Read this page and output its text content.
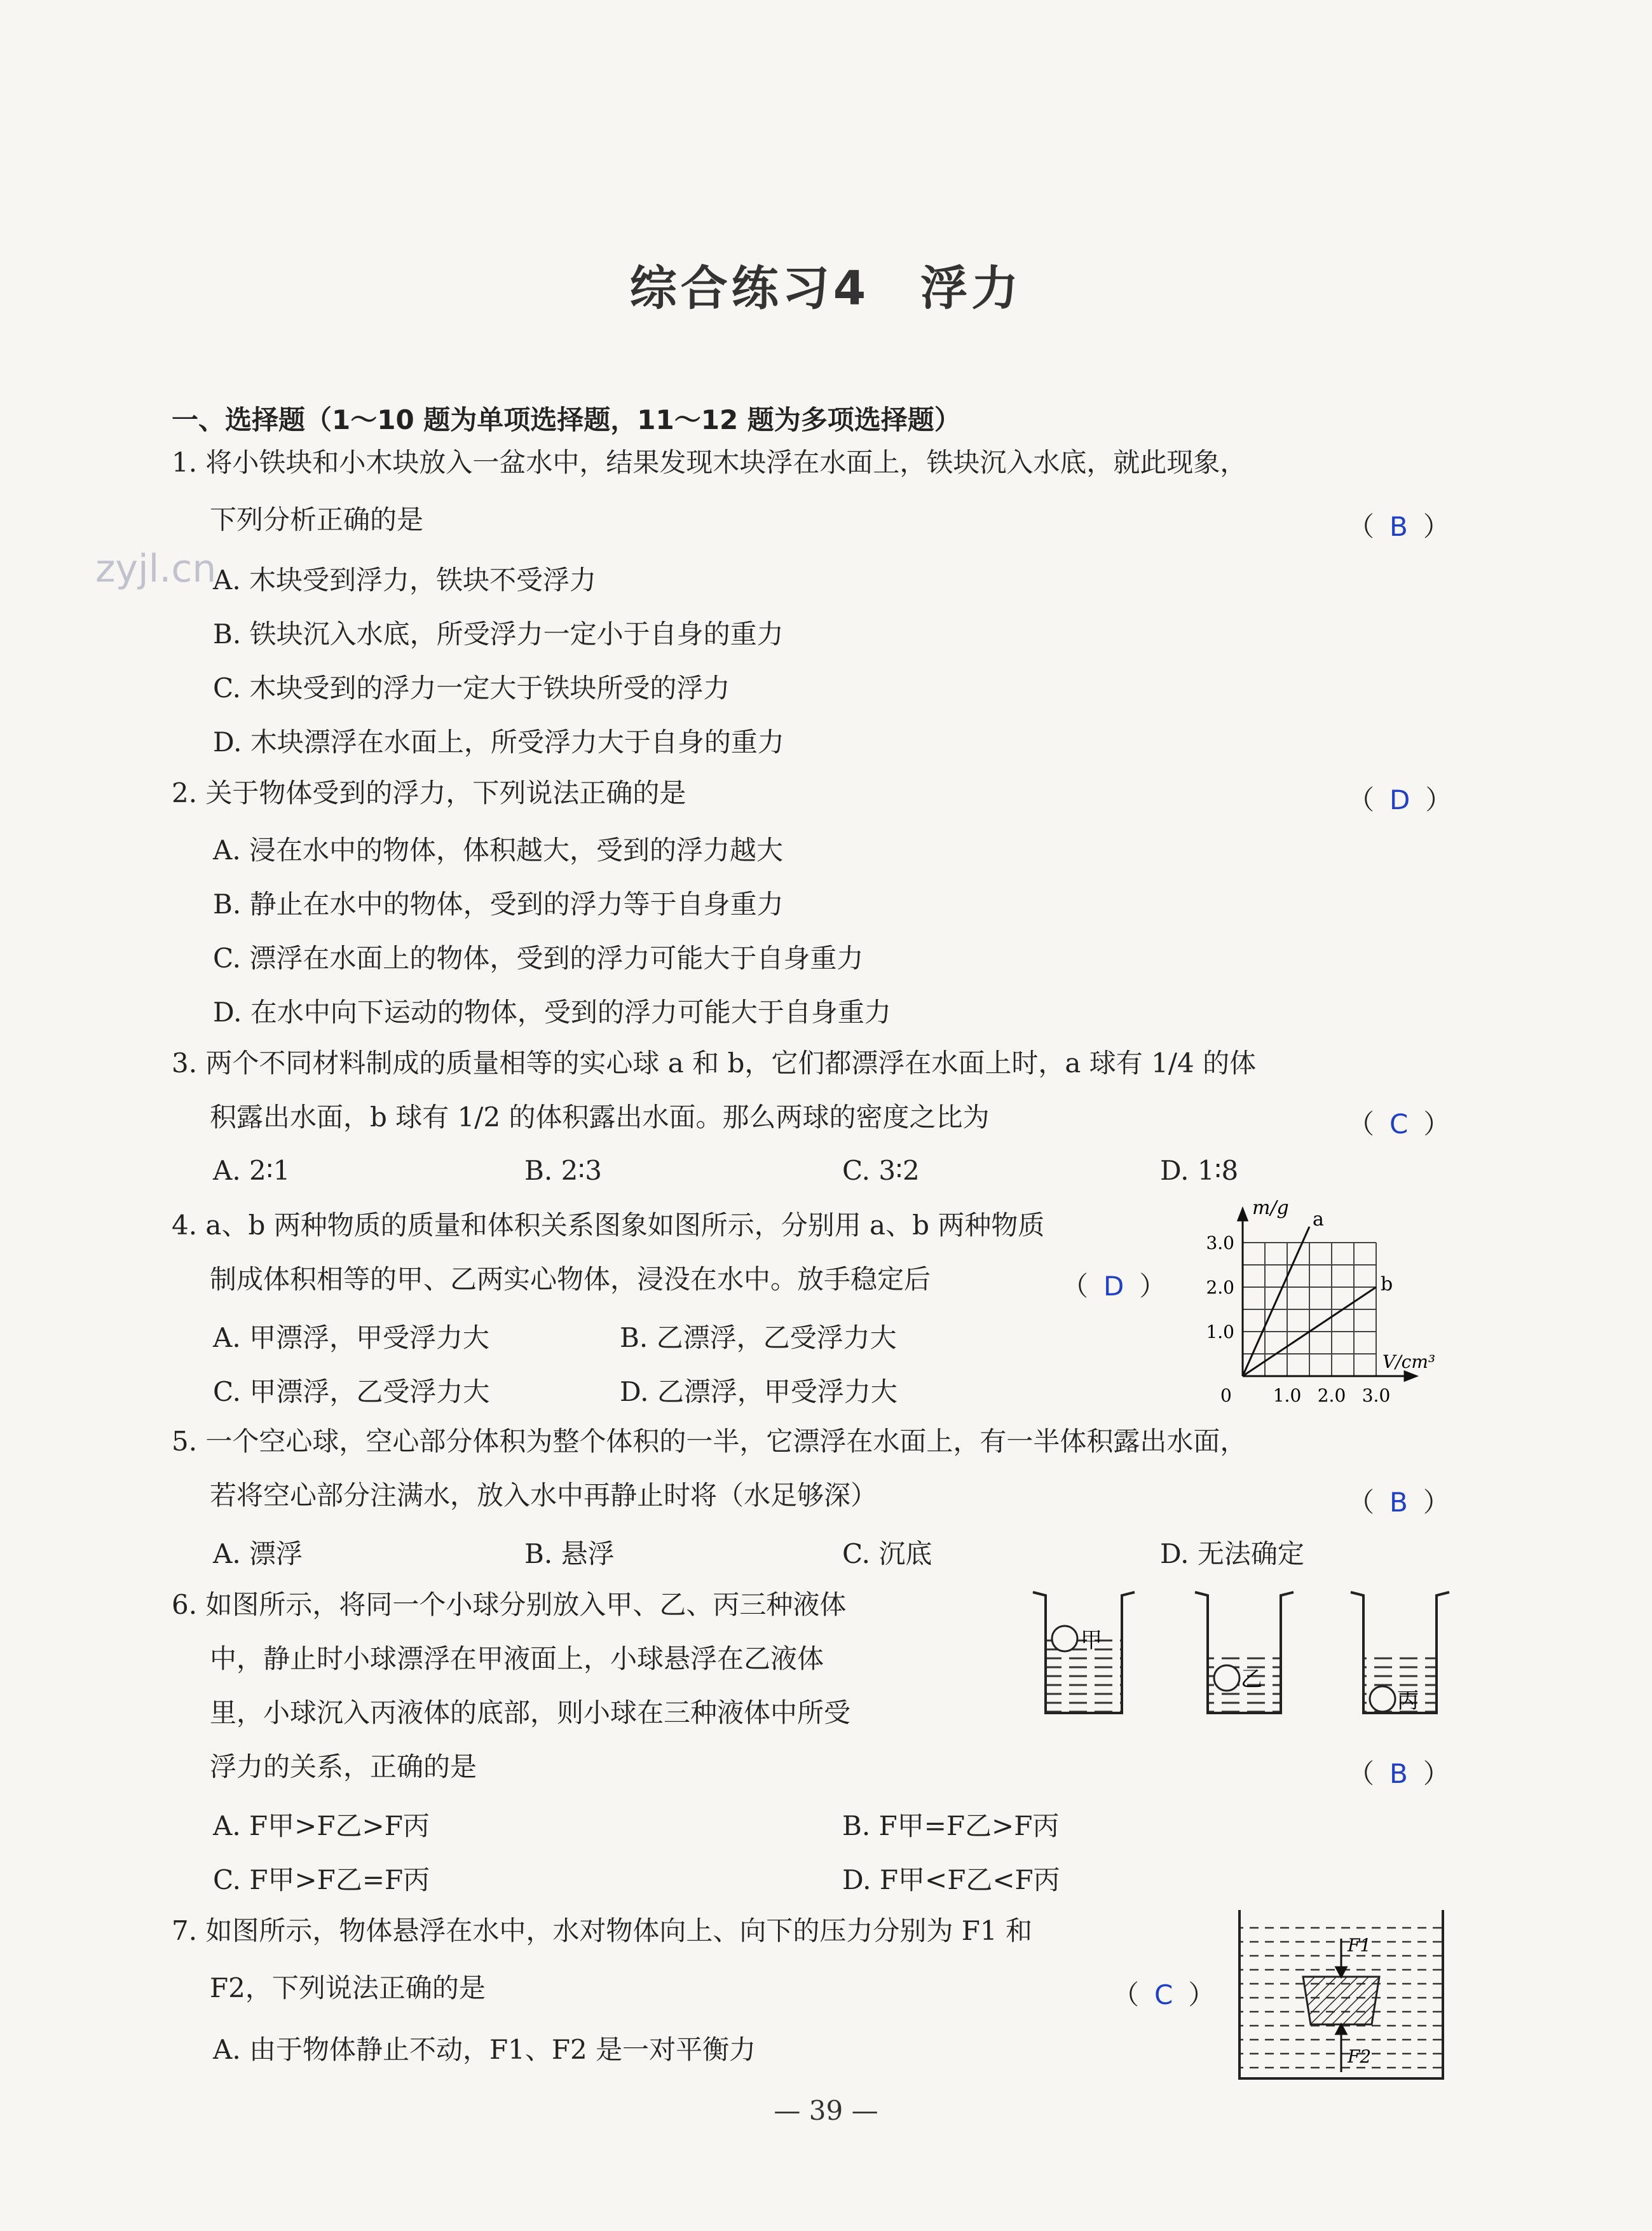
综合练习4　浮力
zyjl.cn
一、选择题（1～10 题为单项选择题，11～12 题为多项选择题）
1. 将小铁块和小木块放入一盆水中，结果发现木块浮在水面上，铁块沉入水底，就此现象，
下列分析正确的是	（ B ）
A. 木块受到浮力，铁块不受浮力
B. 铁块沉入水底，所受浮力一定小于自身的重力
C. 木块受到的浮力一定大于铁块所受的浮力
D. 木块漂浮在水面上，所受浮力大于自身的重力
2. 关于物体受到的浮力，下列说法正确的是	（ D ）
A. 浸在水中的物体，体积越大，受到的浮力越大
B. 静止在水中的物体，受到的浮力等于自身重力
C. 漂浮在水面上的物体，受到的浮力可能大于自身重力
D. 在水中向下运动的物体，受到的浮力可能大于自身重力
3. 两个不同材料制成的质量相等的实心球 a 和 b，它们都漂浮在水面上时，a 球有 1/4 的体
积露出水面，b 球有 1/2 的体积露出水面。那么两球的密度之比为	（ C ）
A. 2∶1	B. 2∶3	C. 3∶2	D. 1∶8
4. a、b 两种物质的质量和体积关系图象如图所示，分别用 a、b 两种物质
制成体积相等的甲、乙两实心物体，浸没在水中。放手稳定后	（ D ）
A. 甲漂浮，甲受浮力大	B. 乙漂浮，乙受浮力大
C. 甲漂浮，乙受浮力大	D. 乙漂浮，甲受浮力大
m/g
a
b
3.0
2.0
1.0
0 1.0 2.0 3.0
V/cm³
5. 一个空心球，空心部分体积为整个体积的一半，它漂浮在水面上，有一半体积露出水面，
若将空心部分注满水，放入水中再静止时将（水足够深）	（ B ）
A. 漂浮	B. 悬浮	C. 沉底	D. 无法确定
6. 如图所示，将同一个小球分别放入甲、乙、丙三种液体
中，静止时小球漂浮在甲液面上，小球悬浮在乙液体
里，小球沉入丙液体的底部，则小球在三种液体中所受
浮力的关系，正确的是	（ B ）
A. F甲>F乙>F丙	B. F甲=F乙>F丙
C. F甲>F乙=F丙	D. F甲<F乙<F丙
甲
乙
丙
7. 如图所示，物体悬浮在水中，水对物体向上、向下的压力分别为 F1 和
F2，下列说法正确的是	（ C ）
A. 由于物体静止不动，F1、F2 是一对平衡力
F1
F2
— 39 —
